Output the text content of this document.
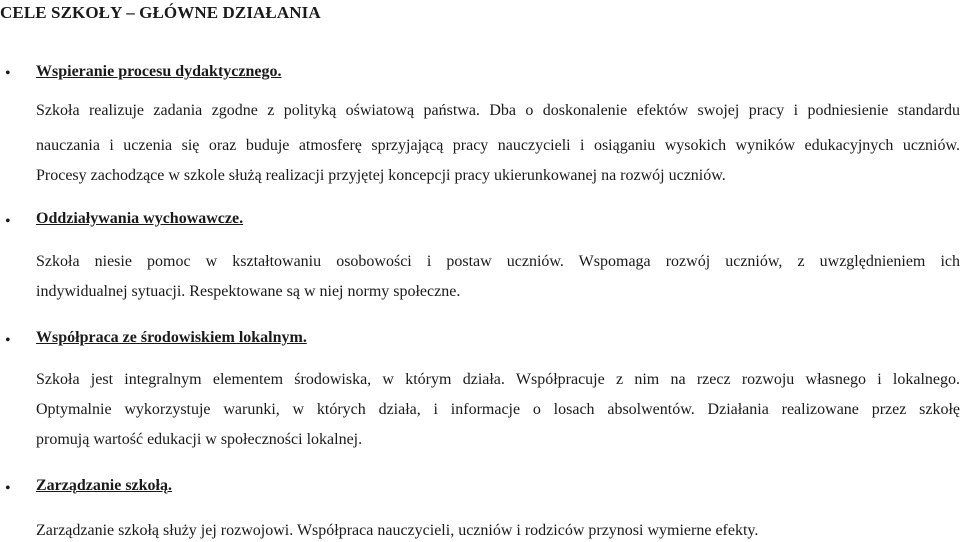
CELE SZKOŁY – GŁÓWNE DZIAŁANIA
• Wspieranie procesu dydaktycznego.
Szkoła realizuje zadania zgodne z polityką oświatową państwa. Dba o doskonalenie efektów swojej pracy i podniesienie standardu
nauczania i uczenia się oraz buduje atmosferę sprzyjającą pracy nauczycieli i osiąganiu wysokich wyników edukacyjnych uczniów.
Procesy zachodzące w szkole służą realizacji przyjętej koncepcji pracy ukierunkowanej na rozwój uczniów.
• Oddziaływania wychowawcze.
Szkoła niesie pomoc w kształtowaniu osobowości i postaw uczniów. Wspomaga rozwój uczniów, z uwzględnieniem ich
indywidualnej sytuacji. Respektowane są w niej normy społeczne.
• Współpraca ze środowiskiem lokalnym.
Szkoła jest integralnym elementem środowiska, w którym działa. Współpracuje z nim na rzecz rozwoju własnego i lokalnego.
Optymalnie wykorzystuje warunki, w których działa, i informacje o losach absolwentów. Działania realizowane przez szkołę
promują wartość edukacji w społeczności lokalnej.
• Zarządzanie szkołą.
Zarządzanie szkołą służy jej rozwojowi. Współpraca nauczycieli, uczniów i rodziców przynosi wymierne efekty.
